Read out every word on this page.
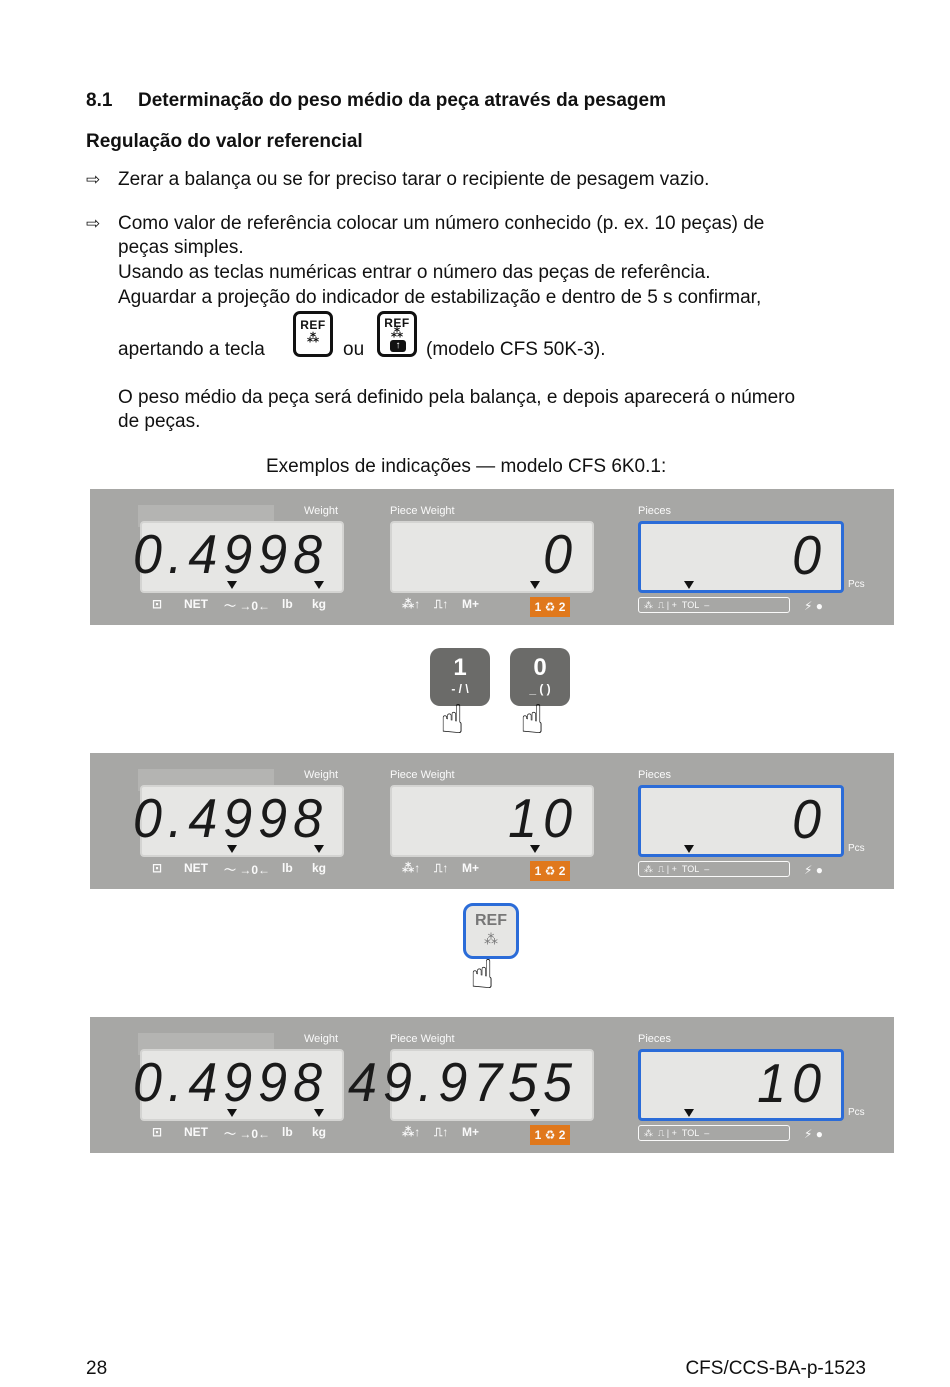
8.1 Determinação do peso médio da peça através da pesagem
Regulação do valor referencial
⇨ Zerar a balança ou se for preciso tarar o recipiente de pesagem vazio.
⇨ Como valor de referência colocar um número conhecido (p. ex. 10 peças) de
peças simples.
Usando as teclas numéricas entrar o número das peças de referência.
Aguardar a projeção do indicador de estabilização e dentro de 5 s confirmar,
apertando a tecla
REF
⁂
ou
REF
⁂
↑ (modelo CFS 50K-3).
O peso médio da peça será definido pela balança, e depois aparecerá o número
de peças.
Exemplos de indicações — modelo CFS 6K0.1:
Weight	Piece Weight	Pieces
0.4998	0	0
⊡ NET 〜 →0← lb kg	⁂↑ ⎍↑ M+	1 ♻ 2	⁂  ⎍ | +  TOL  –
Pcs
⚡ ●
1
- / \
☝
0
_ ( )
☝
Weight	Piece Weight	Pieces
0.4998	10	0
⊡ NET 〜 →0← lb kg	⁂↑ ⎍↑ M+	1 ♻ 2	⁂  ⎍ | +  TOL  –
Pcs
⚡ ●
REF
⁂
☝
Weight	Piece Weight	Pieces
0.4998 49.9755	10
⊡ NET 〜 →0← lb kg	⁂↑ ⎍↑ M+	1 ♻ 2	⁂  ⎍ | +  TOL  –
Pcs
⚡ ●
28	CFS/CCS-BA-p-1523
